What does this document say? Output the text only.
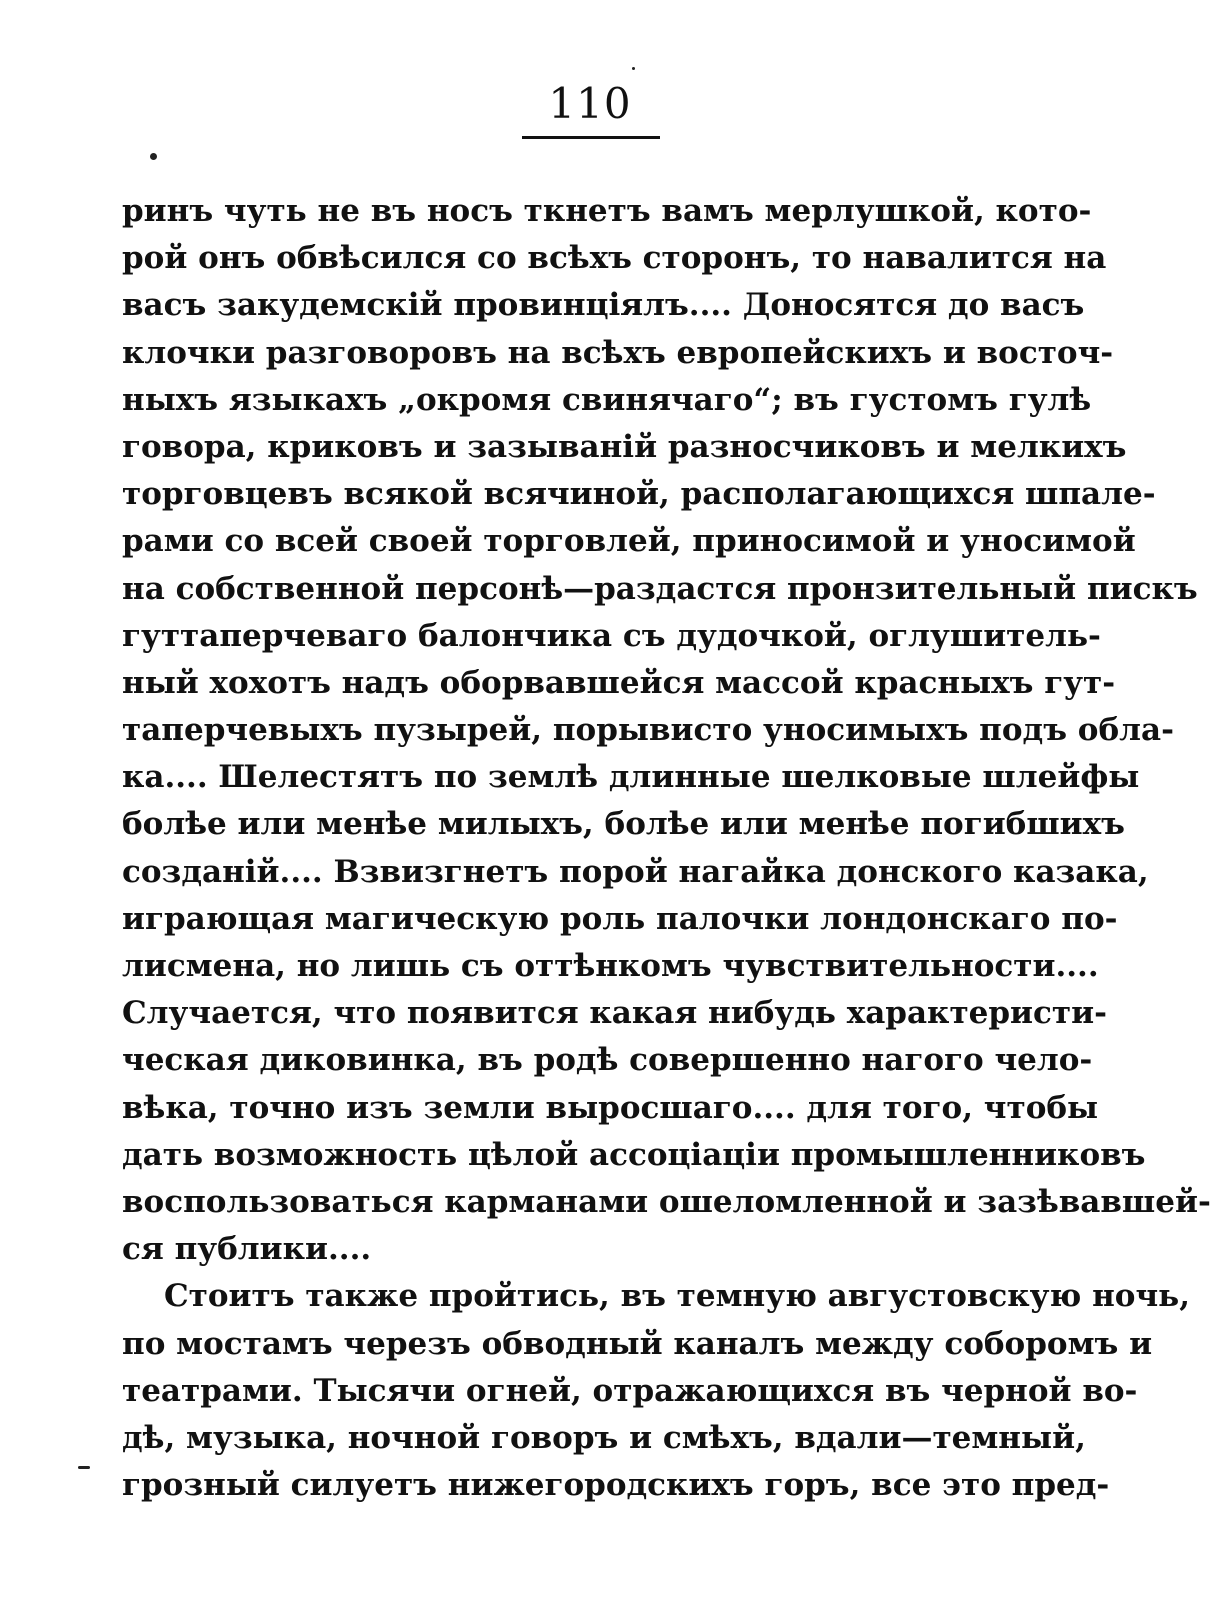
110
ринъ чуть не въ носъ ткнетъ вамъ мерлушкой, кото-
рой онъ обвѣсился со всѣхъ сторонъ, то навалится на
васъ закудемскій провинціялъ.... Доносятся до васъ
клочки разговоровъ на всѣхъ европейскихъ и восточ-
ныхъ языкахъ „окромя свинячаго“; въ густомъ гулѣ
говора, криковъ и зазываній разносчиковъ и мелкихъ
торговцевъ всякой всячиной, располагающихся шпале-
рами со всей своей торговлей, приносимой и уносимой
на собственной персонѣ—раздастся пронзительный пискъ
гуттаперчеваго балончика съ дудочкой, оглушитель-
ный хохотъ надъ оборвавшейся массой красныхъ гут-
таперчевыхъ пузырей, порывисто уносимыхъ подъ обла-
ка.... Шелестятъ по землѣ длинные шелковые шлейфы
болѣе или менѣе милыхъ, болѣе или менѣе погибшихъ
созданій.... Взвизгнетъ порой нагайка донского казака,
играющая магическую роль палочки лондонскаго по-
лисмена, но лишь съ оттѣнкомъ чувствительности....
Случается, что появится какая нибудь характеристи-
ческая диковинка, въ родѣ совершенно нагого чело-
вѣка, точно изъ земли выросшаго.... для того, чтобы
дать возможность цѣлой ассоціаціи промышленниковъ
воспользоваться карманами ошеломленной и зазѣвавшей-
ся публики....
Стоитъ также пройтись, въ темную августовскую ночь,
по мостамъ черезъ обводный каналъ между соборомъ и
театрами. Тысячи огней, отражающихся въ черной во-
дѣ, музыка, ночной говоръ и смѣхъ, вдали—темный,
грозный силуетъ нижегородскихъ горъ, все это пред-
